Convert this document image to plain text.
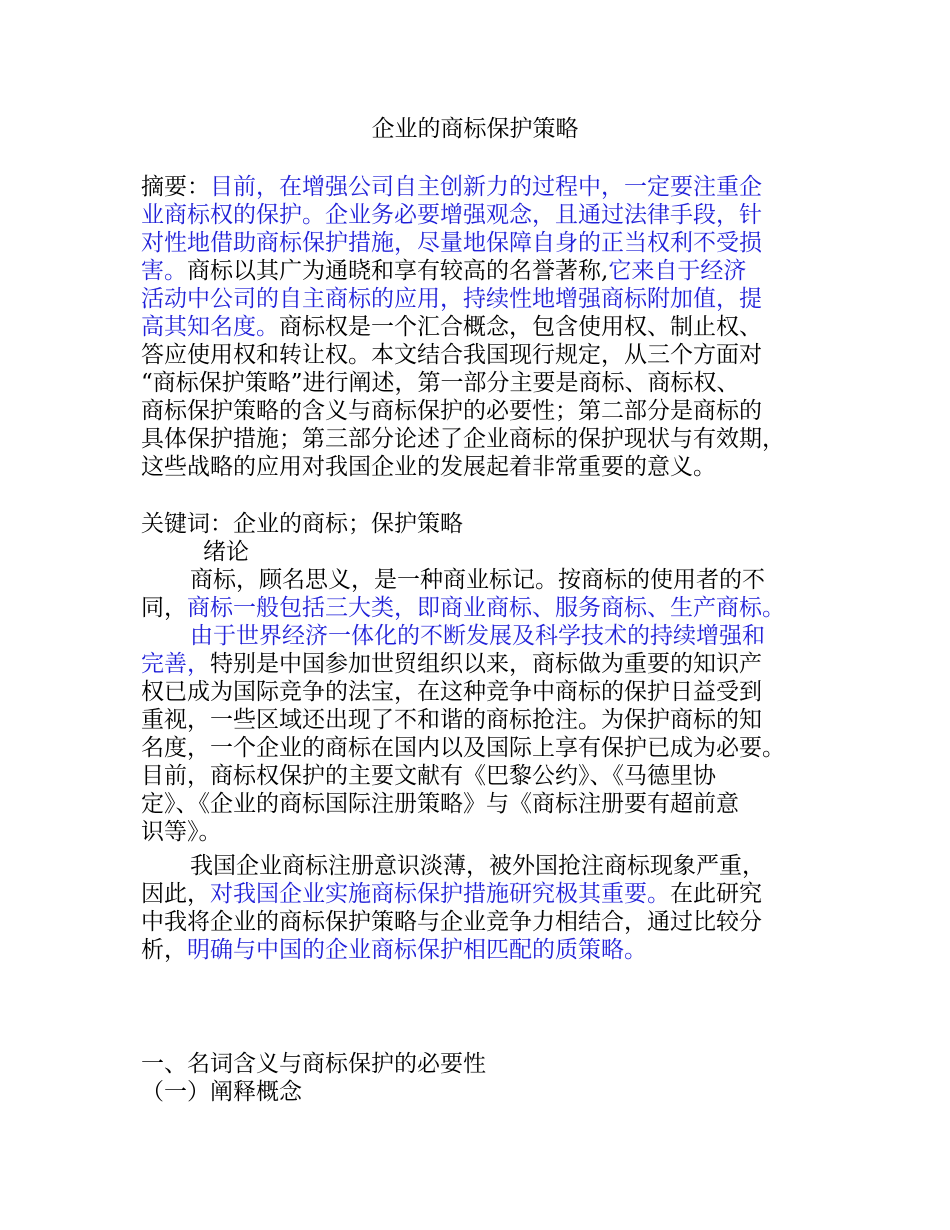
企业的商标保护策略

摘要：目前，在增强公司自主创新力的过程中，一定要注重企

业商标权的保护。企业务必要增强观念，且通过法律手段，针

对性地借助商标保护措施，尽量地保障自身的正当权利不受损

害。商标以其广为通晓和享有较高的名誉著称,它来自于经济

活动中公司的自主商标的应用，持续性地增强商标附加值，提

高其知名度。商标权是一个汇合概念，包含使用权、制止权、

答应使用权和转让权。本文结合我国现行规定，从三个方面对

“商标保护策略”进行阐述，第一部分主要是商标、商标权、

商标保护策略的含义与商标保护的必要性；第二部分是商标的

具体保护措施；第三部分论述了企业商标的保护现状与有效期，

这些战略的应用对我国企业的发展起着非常重要的意义。

关键词：企业的商标；保护策略

绪论

商标，顾名思义，是一种商业标记。按商标的使用者的不

同，商标一般包括三大类，即商业商标、服务商标、生产商标。

由于世界经济一体化的不断发展及科学技术的持续增强和

完善，特别是中国参加世贸组织以来，商标做为重要的知识产

权已成为国际竞争的法宝，在这种竞争中商标的保护日益受到

重视，一些区域还出现了不和谐的商标抢注。为保护商标的知

名度，一个企业的商标在国内以及国际上享有保护已成为必要。

目前，商标权保护的主要文献有《巴黎公约》、《马德里协

定》、《企业的商标国际注册策略》与《商标注册要有超前意

识等》。

我国企业商标注册意识淡薄，被外国抢注商标现象严重，

因此，对我国企业实施商标保护措施研究极其重要。在此研究

中我将企业的商标保护策略与企业竞争力相结合，通过比较分

析，明确与中国的企业商标保护相匹配的质策略。

一、名词含义与商标保护的必要性

（一）阐释概念
